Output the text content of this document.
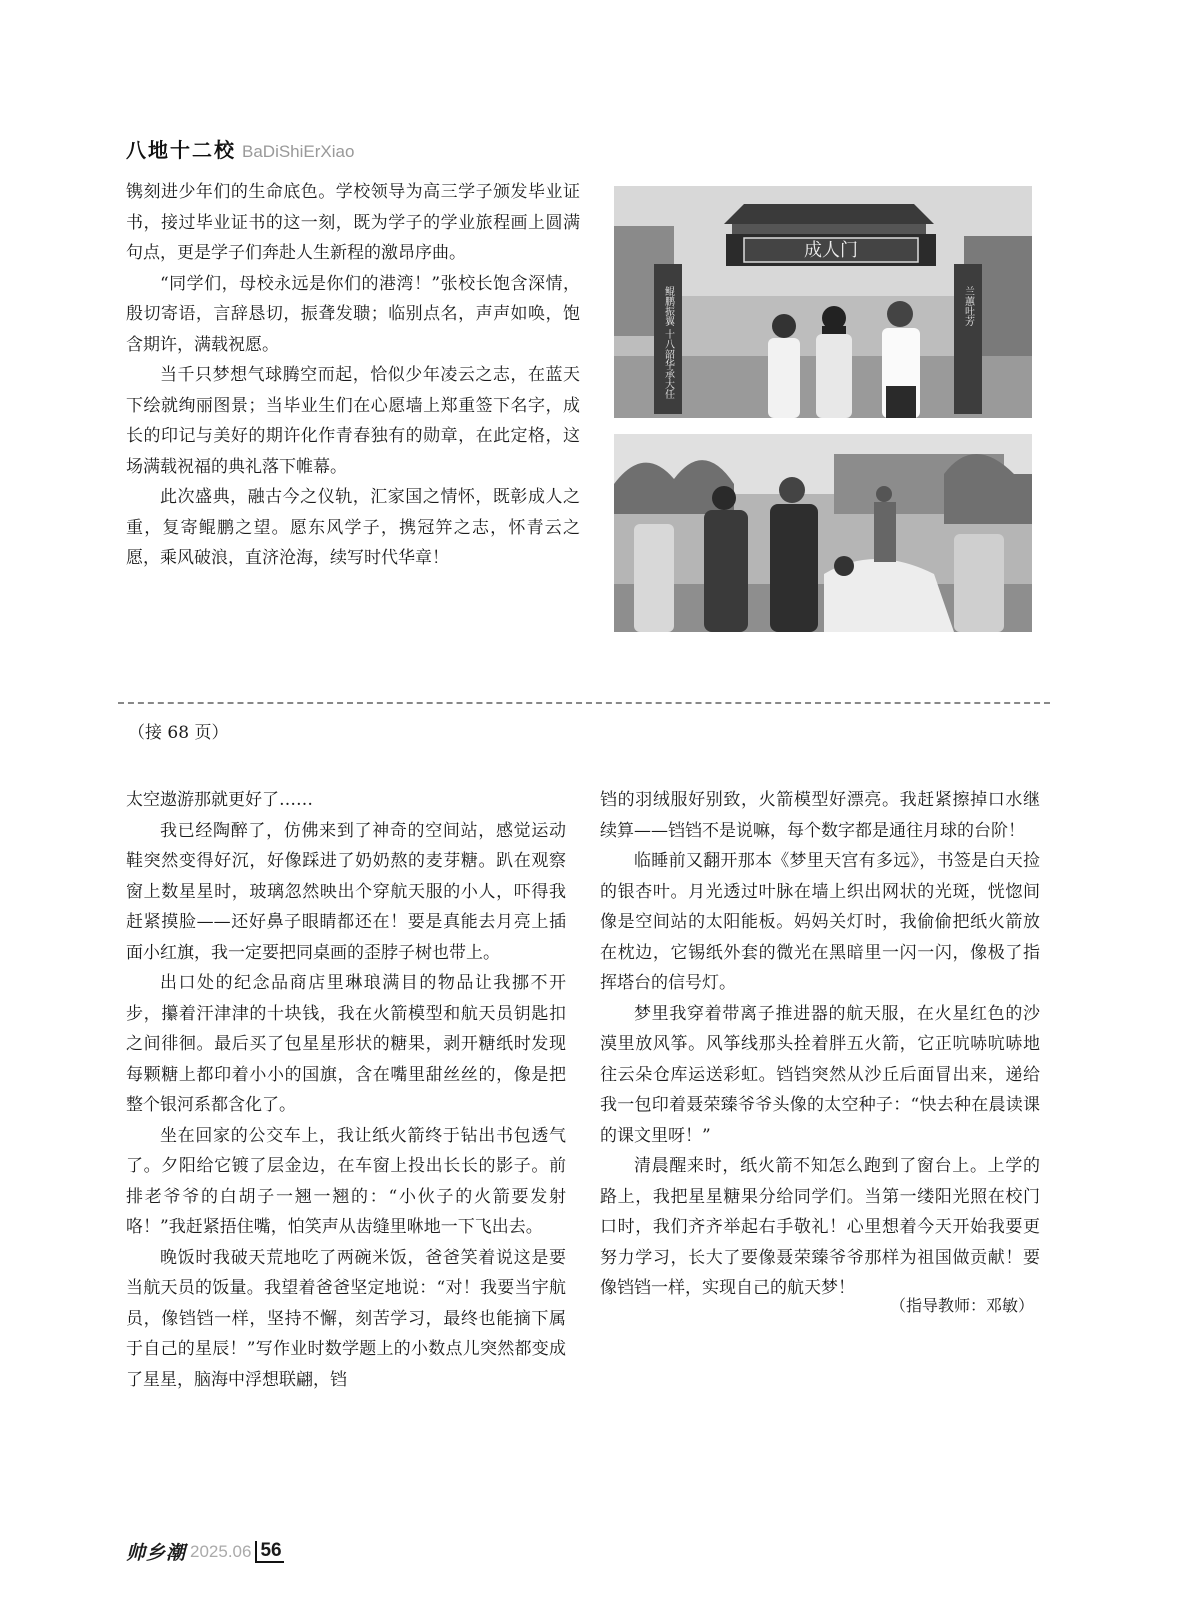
八地十二校 BaDiShiErXiao

镌刻进少年们的生命底色。学校领导为高三学子颁发毕业证书，接过毕业证书的这一刻，既为学子的学业旅程画上圆满句点，更是学子们奔赴人生新程的激昂序曲。

“同学们，母校永远是你们的港湾！”张校长饱含深情，殷切寄语，言辞恳切，振聋发聩；临别点名，声声如唤，饱含期许，满载祝愿。

当千只梦想气球腾空而起，恰似少年凌云之志，在蓝天下绘就绚丽图景；当毕业生们在心愿墙上郑重签下名字，成长的印记与美好的期许化作青春独有的勋章，在此定格，这场满载祝福的典礼落下帷幕。

此次盛典，融古今之仪轨，汇家国之情怀，既彰成人之重，复寄鲲鹏之望。愿东风学子，携冠笄之志，怀青云之愿，乘风破浪，直济沧海，续写时代华章！

成人门
鲲鹏振翼 十八韶华承大任	兰蕙吐芳
（接 68 页）

太空遨游那就更好了……

我已经陶醉了，仿佛来到了神奇的空间站，感觉运动鞋突然变得好沉，好像踩进了奶奶熬的麦芽糖。趴在观察窗上数星星时，玻璃忽然映出个穿航天服的小人，吓得我赶紧摸脸——还好鼻子眼睛都还在！要是真能去月亮上插面小红旗，我一定要把同桌画的歪脖子树也带上。

出口处的纪念品商店里琳琅满目的物品让我挪不开步，攥着汗津津的十块钱，我在火箭模型和航天员钥匙扣之间徘徊。最后买了包星星形状的糖果，剥开糖纸时发现每颗糖上都印着小小的国旗，含在嘴里甜丝丝的，像是把整个银河系都含化了。

坐在回家的公交车上，我让纸火箭终于钻出书包透气了。夕阳给它镀了层金边，在车窗上投出长长的影子。前排老爷爷的白胡子一翘一翘的：“小伙子的火箭要发射咯！”我赶紧捂住嘴，怕笑声从齿缝里咻地一下飞出去。

晚饭时我破天荒地吃了两碗米饭，爸爸笑着说这是要当航天员的饭量。我望着爸爸坚定地说：“对！我要当宇航员，像铛铛一样，坚持不懈，刻苦学习，最终也能摘下属于自己的星辰！”写作业时数学题上的小数点儿突然都变成了星星，脑海中浮想联翩，铛

铛的羽绒服好别致，火箭模型好漂亮。我赶紧擦掉口水继续算——铛铛不是说嘛，每个数字都是通往月球的台阶！

临睡前又翻开那本《梦里天宫有多远》，书签是白天捡的银杏叶。月光透过叶脉在墙上织出网状的光斑，恍惚间像是空间站的太阳能板。妈妈关灯时，我偷偷把纸火箭放在枕边，它锡纸外套的微光在黑暗里一闪一闪，像极了指挥塔台的信号灯。

梦里我穿着带离子推进器的航天服，在火星红色的沙漠里放风筝。风筝线那头拴着胖五火箭，它正吭哧吭哧地往云朵仓库运送彩虹。铛铛突然从沙丘后面冒出来，递给我一包印着聂荣臻爷爷头像的太空种子：“快去种在晨读课的课文里呀！”

清晨醒来时，纸火箭不知怎么跑到了窗台上。上学的路上，我把星星糖果分给同学们。当第一缕阳光照在校门口时，我们齐齐举起右手敬礼！心里想着今天开始我要更努力学习，长大了要像聂荣臻爷爷那样为祖国做贡献！要像铛铛一样，实现自己的航天梦！

（指导教师：邓敏）
帅乡潮 2025.06 56
